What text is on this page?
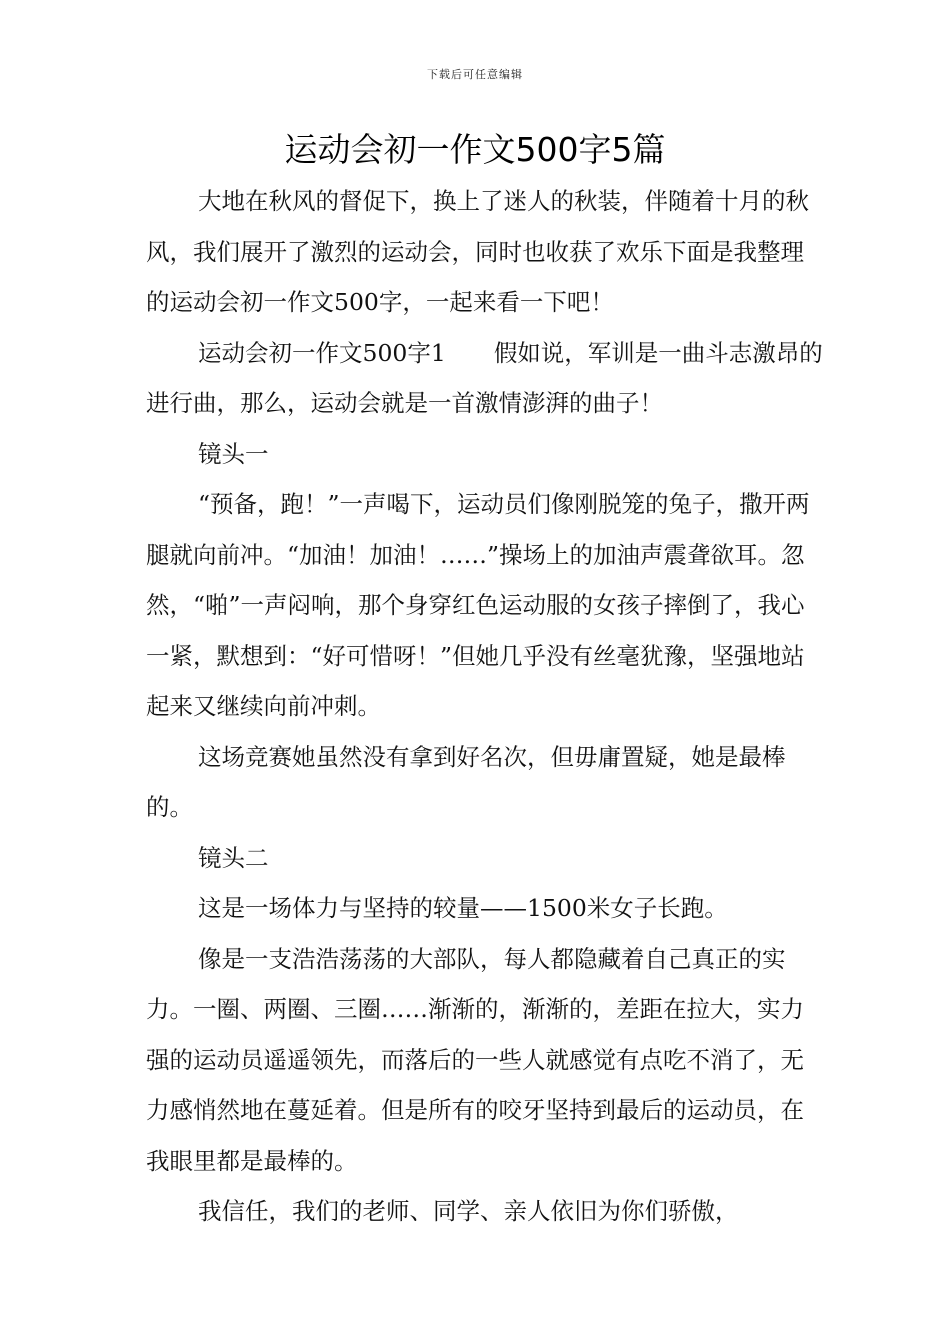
下载后可任意编辑
运动会初一作文500字5篇

大地在秋风的督促下，换上了迷人的秋装，伴随着十月的秋风，我们展开了激烈的运动会，同时也收获了欢乐下面是我整理的运动会初一作文500字，一起来看一下吧！

运动会初一作文500字1 假如说，军训是一曲斗志激昂的进行曲，那么，运动会就是一首激情澎湃的曲子！

镜头一

“预备，跑！”一声喝下，运动员们像刚脱笼的兔子，撒开两腿就向前冲。“加油！加油！……”操场上的加油声震聋欲耳。忽然，“啪”一声闷响，那个身穿红色运动服的女孩子摔倒了，我心一紧，默想到：“好可惜呀！”但她几乎没有丝毫犹豫，坚强地站起来又继续向前冲刺。

这场竞赛她虽然没有拿到好名次，但毋庸置疑，她是最棒的。

镜头二

这是一场体力与坚持的较量——1500米女子长跑。

像是一支浩浩荡荡的大部队，每人都隐藏着自己真正的实力。一圈、两圈、三圈……渐渐的，渐渐的，差距在拉大，实力强的运动员遥遥领先，而落后的一些人就感觉有点吃不消了，无力感悄然地在蔓延着。但是所有的咬牙坚持到最后的运动员，在我眼里都是最棒的。

我信任，我们的老师、同学、亲人依旧为你们骄傲，
